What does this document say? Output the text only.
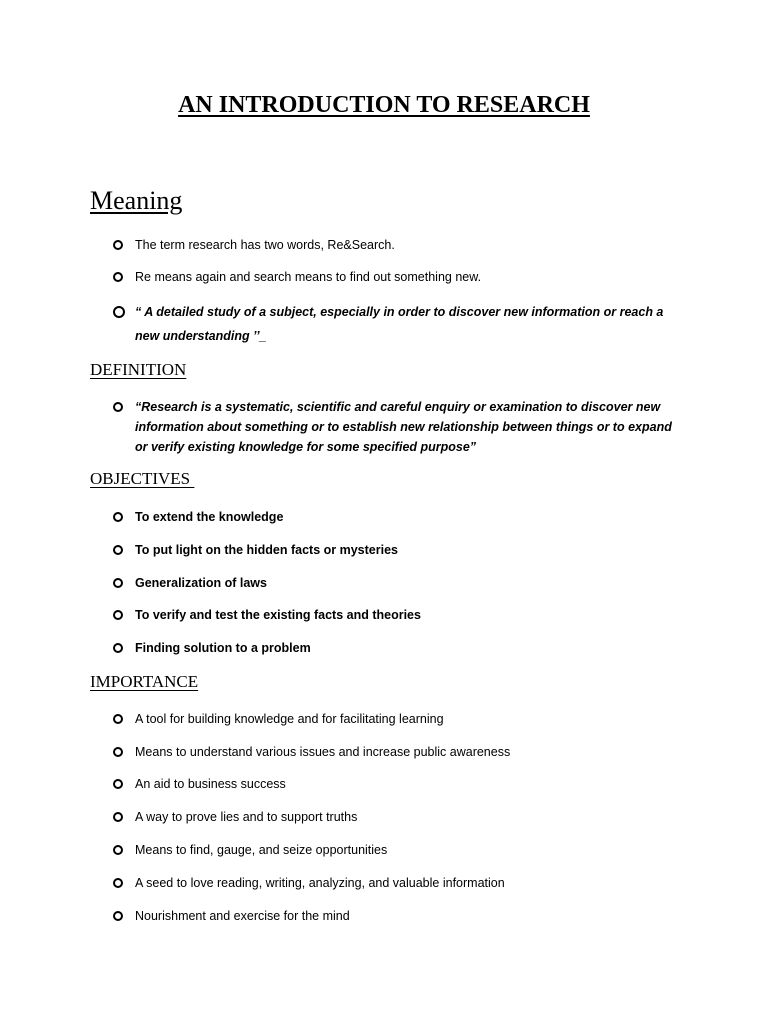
AN INTRODUCTION TO RESEARCH
Meaning
The term research has two words, Re&Search.
Re means again and search means to find out something new.
“ A detailed study of a subject, especially in order to discover new information or reach a new understanding ’’_
DEFINITION
“Research is a systematic, scientific and careful enquiry or examination to discover new information about something or to establish new relationship between things or to expand or verify existing knowledge for some specified purpose”
OBJECTIVES
To extend the knowledge
To put light on the hidden facts or mysteries
Generalization of laws
To verify and test the existing facts and theories
Finding solution to a problem
IMPORTANCE
A tool for building knowledge and for facilitating learning
Means to understand various issues and increase public awareness
An aid to business success
A way to prove lies and to support truths
Means to find, gauge, and seize opportunities
A seed to love reading, writing, analyzing, and valuable information
Nourishment and exercise for the mind
